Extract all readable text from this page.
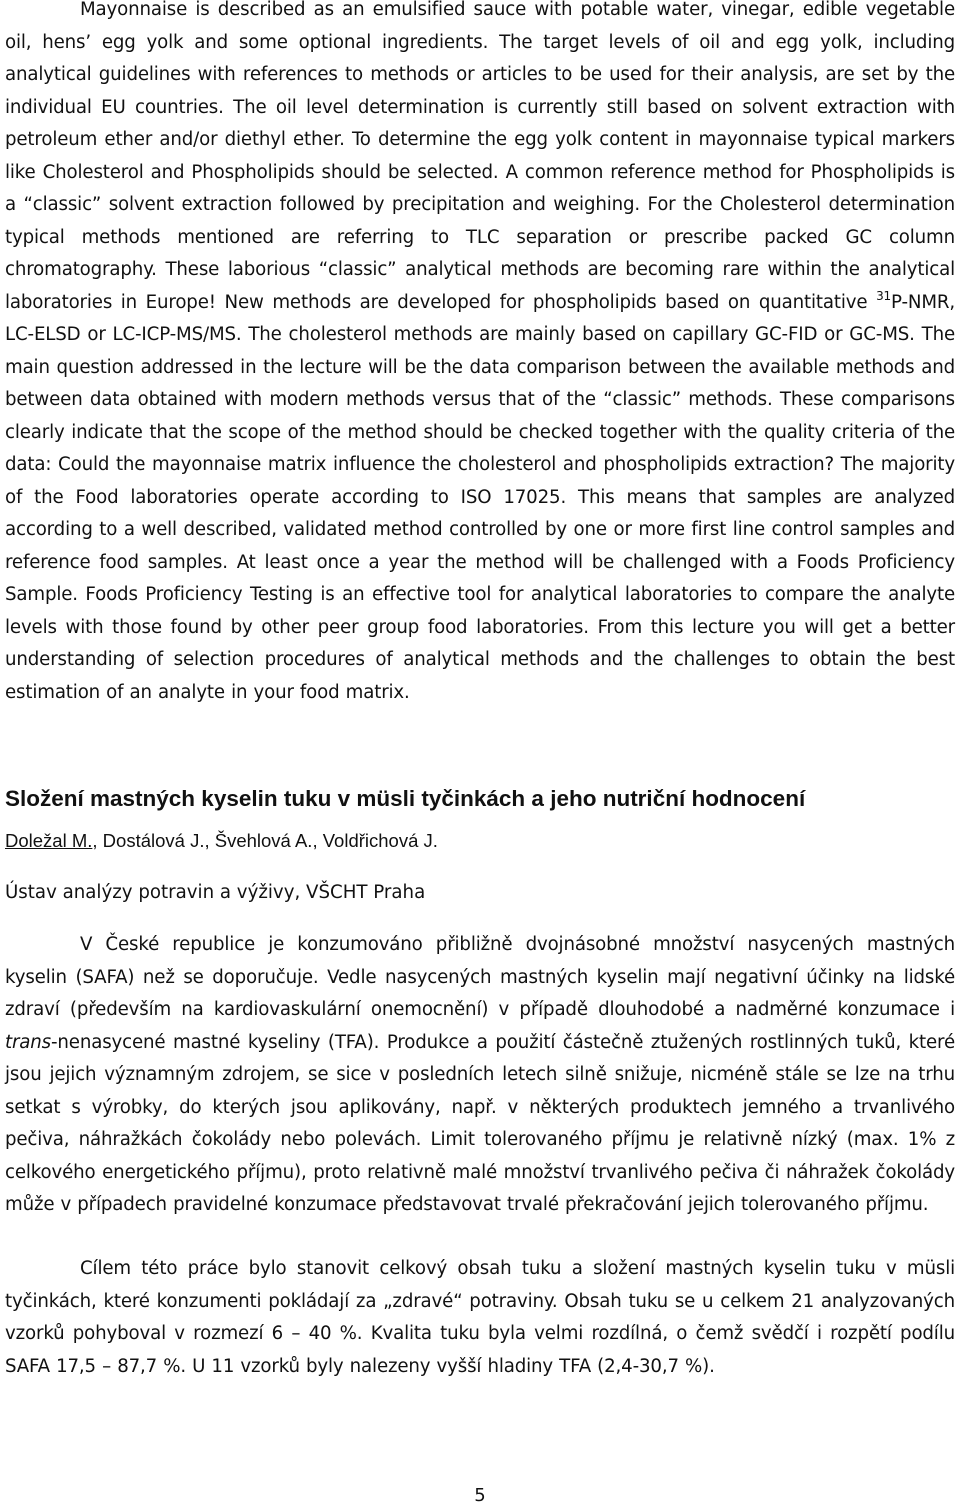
Mayonnaise is described as an emulsified sauce with potable water, vinegar, edible vegetable oil, hens’ egg yolk and some optional ingredients. The target levels of oil and egg yolk, including analytical guidelines with references to methods or articles to be used for their analysis, are set by the individual EU countries. The oil level determination is currently still based on solvent extraction with petroleum ether and/or diethyl ether. To determine the egg yolk content in mayonnaise typical markers like Cholesterol and Phospholipids should be selected. A common reference method for Phospholipids is a “classic” solvent extraction followed by precipitation and weighing. For the Cholesterol determination typical methods mentioned are referring to TLC separation or prescribe packed GC column chromatography. These laborious “classic” analytical methods are becoming rare within the analytical laboratories in Europe! New methods are developed for phospholipids based on quantitative $^{31}$P-NMR, LC-ELSD or LC-ICP-MS/MS. The cholesterol methods are mainly based on capillary GC-FID or GC-MS. The main question addressed in the lecture will be the data comparison between the available methods and between data obtained with modern methods versus that of the “classic” methods. These comparisons clearly indicate that the scope of the method should be checked together with the quality criteria of the data: Could the mayonnaise matrix influence the cholesterol and phospholipids extraction? The majority of the Food laboratories operate according to ISO 17025. This means that samples are analyzed according to a well described, validated method controlled by one or more first line control samples and reference food samples. At least once a year the method will be challenged with a Foods Proficiency Sample. Foods Proficiency Testing is an effective tool for analytical laboratories to compare the analyte levels with those found by other peer group food laboratories. From this lecture you will get a better understanding of selection procedures of analytical methods and the challenges to obtain the best estimation of an analyte in your food matrix.

Složení mastných kyselin tuku v müsli tyčinkách a jeho nutriční hodnocení

Doležal M., Dostálová J., Švehlová A., Voldřichová J.

Ústav analýzy potravin a výživy, VŠCHT Praha

V České republice je konzumováno přibližně dvojnásobné množství nasycených mastných kyselin (SAFA) než se doporučuje. Vedle nasycených mastných kyselin mají negativní účinky na lidské zdraví (především na kardiovaskulární onemocnění) v případě dlouhodobé a nadměrné konzumace i trans-nenasycené mastné kyseliny (TFA). Produkce a použití částečně ztužených rostlinných tuků, které jsou jejich významným zdrojem, se sice v posledních letech silně snižuje, nicméně stále se lze na trhu setkat s výrobky, do kterých jsou aplikovány, např. v některých produktech jemného a trvanlivého pečiva, náhražkách čokolády nebo polevách. Limit tolerovaného příjmu je relativně nízký (max. 1% z celkového energetického příjmu), proto relativně malé množství trvanlivého pečiva či náhražek čokolády může v případech pravidelné konzumace představovat trvalé překračování jejich tolerovaného příjmu.

Cílem této práce bylo stanovit celkový obsah tuku a složení mastných kyselin tuku v müsli tyčinkách, které konzumenti pokládají za „zdravé“ potraviny. Obsah tuku se u celkem 21 analyzovaných vzorků pohyboval v rozmezí 6 – 40 %. Kvalita tuku byla velmi rozdílná, o čemž svědčí i rozpětí podílu SAFA 17,5 – 87,7 %. U 11 vzorků byly nalezeny vyšší hladiny TFA (2,4-30,7 %).

5
